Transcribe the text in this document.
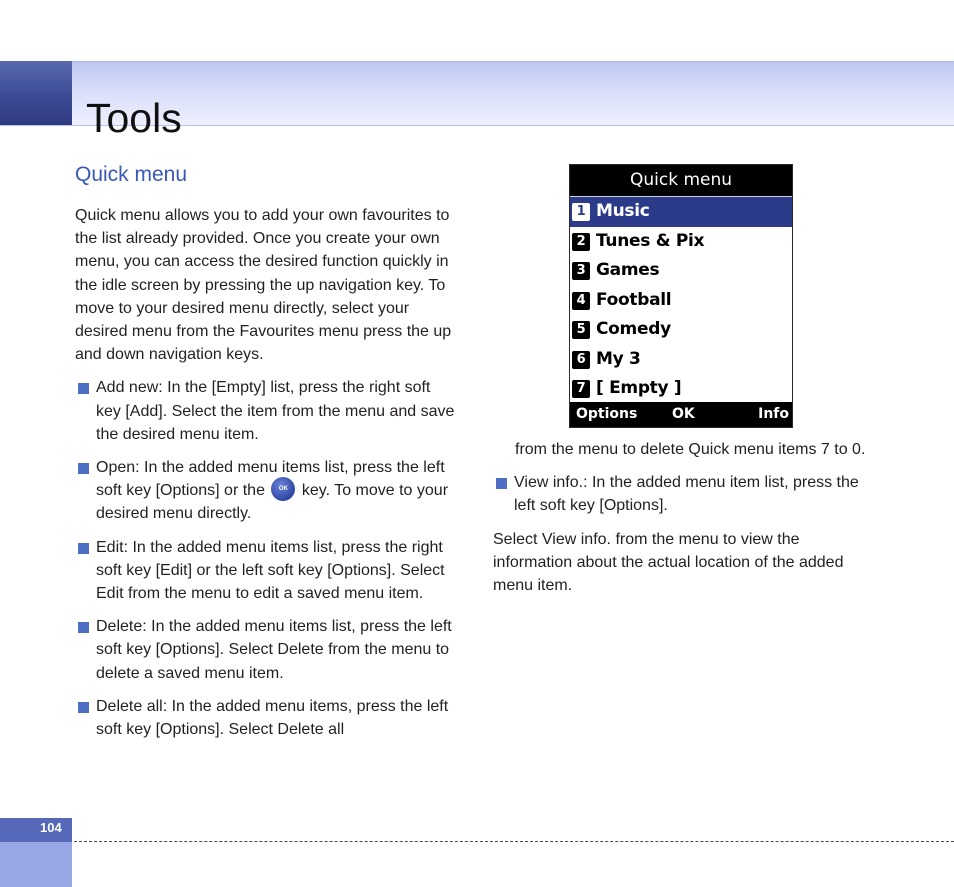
Tools
Quick menu

Quick menu allows you to add your own favourites to the list already provided. Once you create your own menu, you can access the desired function quickly in the idle screen by pressing the up navigation key. To move to your desired menu directly, select your desired menu from the Favourites menu press the up and down navigation keys.

Add new: In the [Empty] list, press the right soft key [Add]. Select the item from the menu and save the desired menu item.
Open: In the added menu items list, press the left soft key [Options] or the OK key. To move to your desired menu directly.
Edit: In the added menu items list, press the right soft key [Edit] or the left soft key [Options]. Select Edit from the menu to edit a saved menu item.
Delete: In the added menu items list, press the left soft key [Options]. Select Delete from the menu to delete a saved menu item.
Delete all: In the added menu items, press the left soft key [Options]. Select Delete all
Quick menu
1 Music
2 Tunes & Pix
3 Games
4 Football
5 Comedy
6 My 3
7 [ Empty ]
Options OK	Info

from the menu to delete Quick menu items 7 to 0.

View info.: In the added menu item list, press the left soft key [Options].

Select View info. from the menu to view the information about the actual location of the added menu item.

104
